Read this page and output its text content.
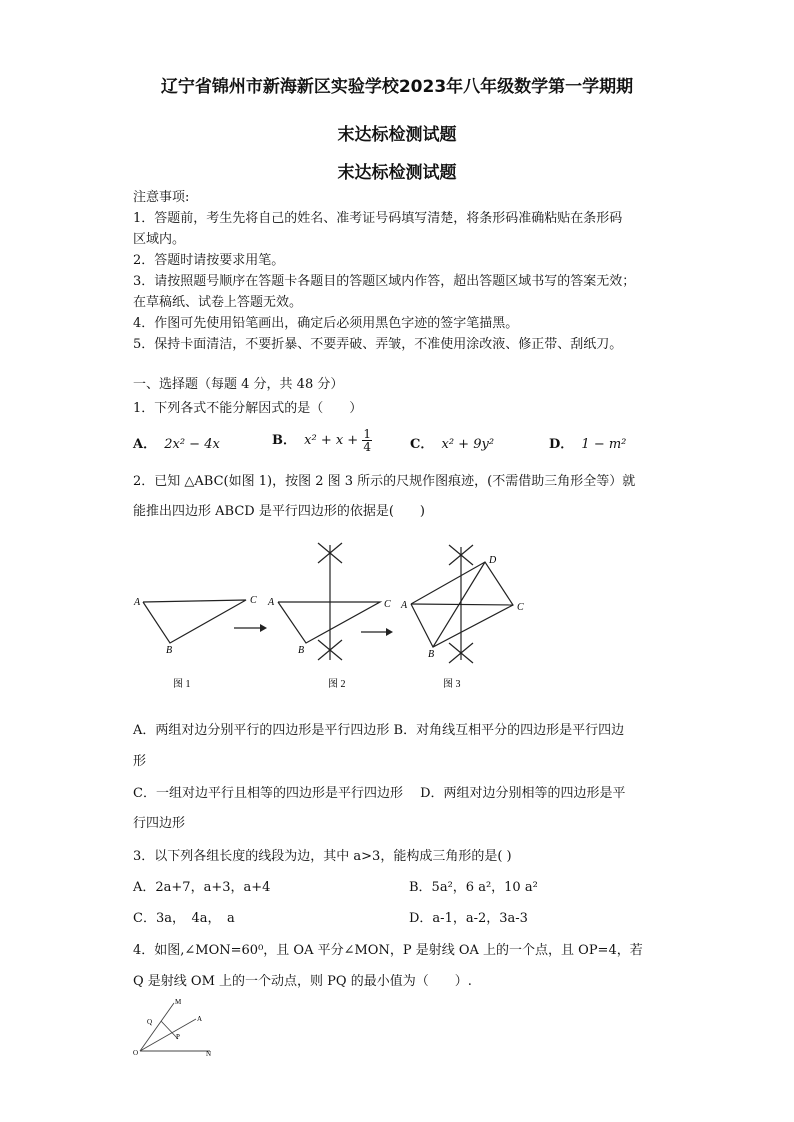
辽宁省锦州市新海新区实验学校2023年八年级数学第一学期期
末达标检测试题
末达标检测试题
注意事项:
1．答题前，考生先将自己的姓名、准考证号码填写清楚，将条形码准确粘贴在条形码
区域内。
2．答题时请按要求用笔。
3．请按照题号顺序在答题卡各题目的答题区域内作答，超出答题区域书写的答案无效；
在草稿纸、试卷上答题无效。
4．作图可先使用铅笔画出，确定后必须用黑色字迹的签字笔描黑。
5．保持卡面清洁，不要折暴、不要弄破、弄皱，不准使用涂改液、修正带、刮纸刀。
一、选择题（每题 4 分，共 48 分）
1．下列各式不能分解因式的是（　　）
A． 2x² − 4x	B． $x^2 + x + \frac{1}{4}$	C． x² + 9y²	D． 1 − m²
2．已知 △ABC(如图 1)，按图 2 图 3 所示的尺规作图痕迹，(不需借助三角形全等）就
能推出四边形 ABCD 是平行四边形的依据是(　　)
A	C
B
图 1
A	C
B
图 2
A
D
C
B
图 3
A．两组对边分别平行的四边形是平行四边形 B．对角线互相平分的四边形是平行四边
形
C．一组对边平行且相等的四边形是平行四边形　 D．两组对边分别相等的四边形是平
行四边形
3．以下列各组长度的线段为边，其中 a>3，能构成三角形的是( )
A．2a+7，a+3，a+4	B．5a²，6 a²，10 a²
C．3a，　4a，　a	D．a-1，a-2，3a-3
4．如图,∠MON=60⁰，且 OA 平分∠MON，P 是射线 OA 上的一个点，且 OP=4，若
Q 是射线 OM 上的一个动点，则 PQ 的最小值为（　　）.
M
Q	A
P
O	N
